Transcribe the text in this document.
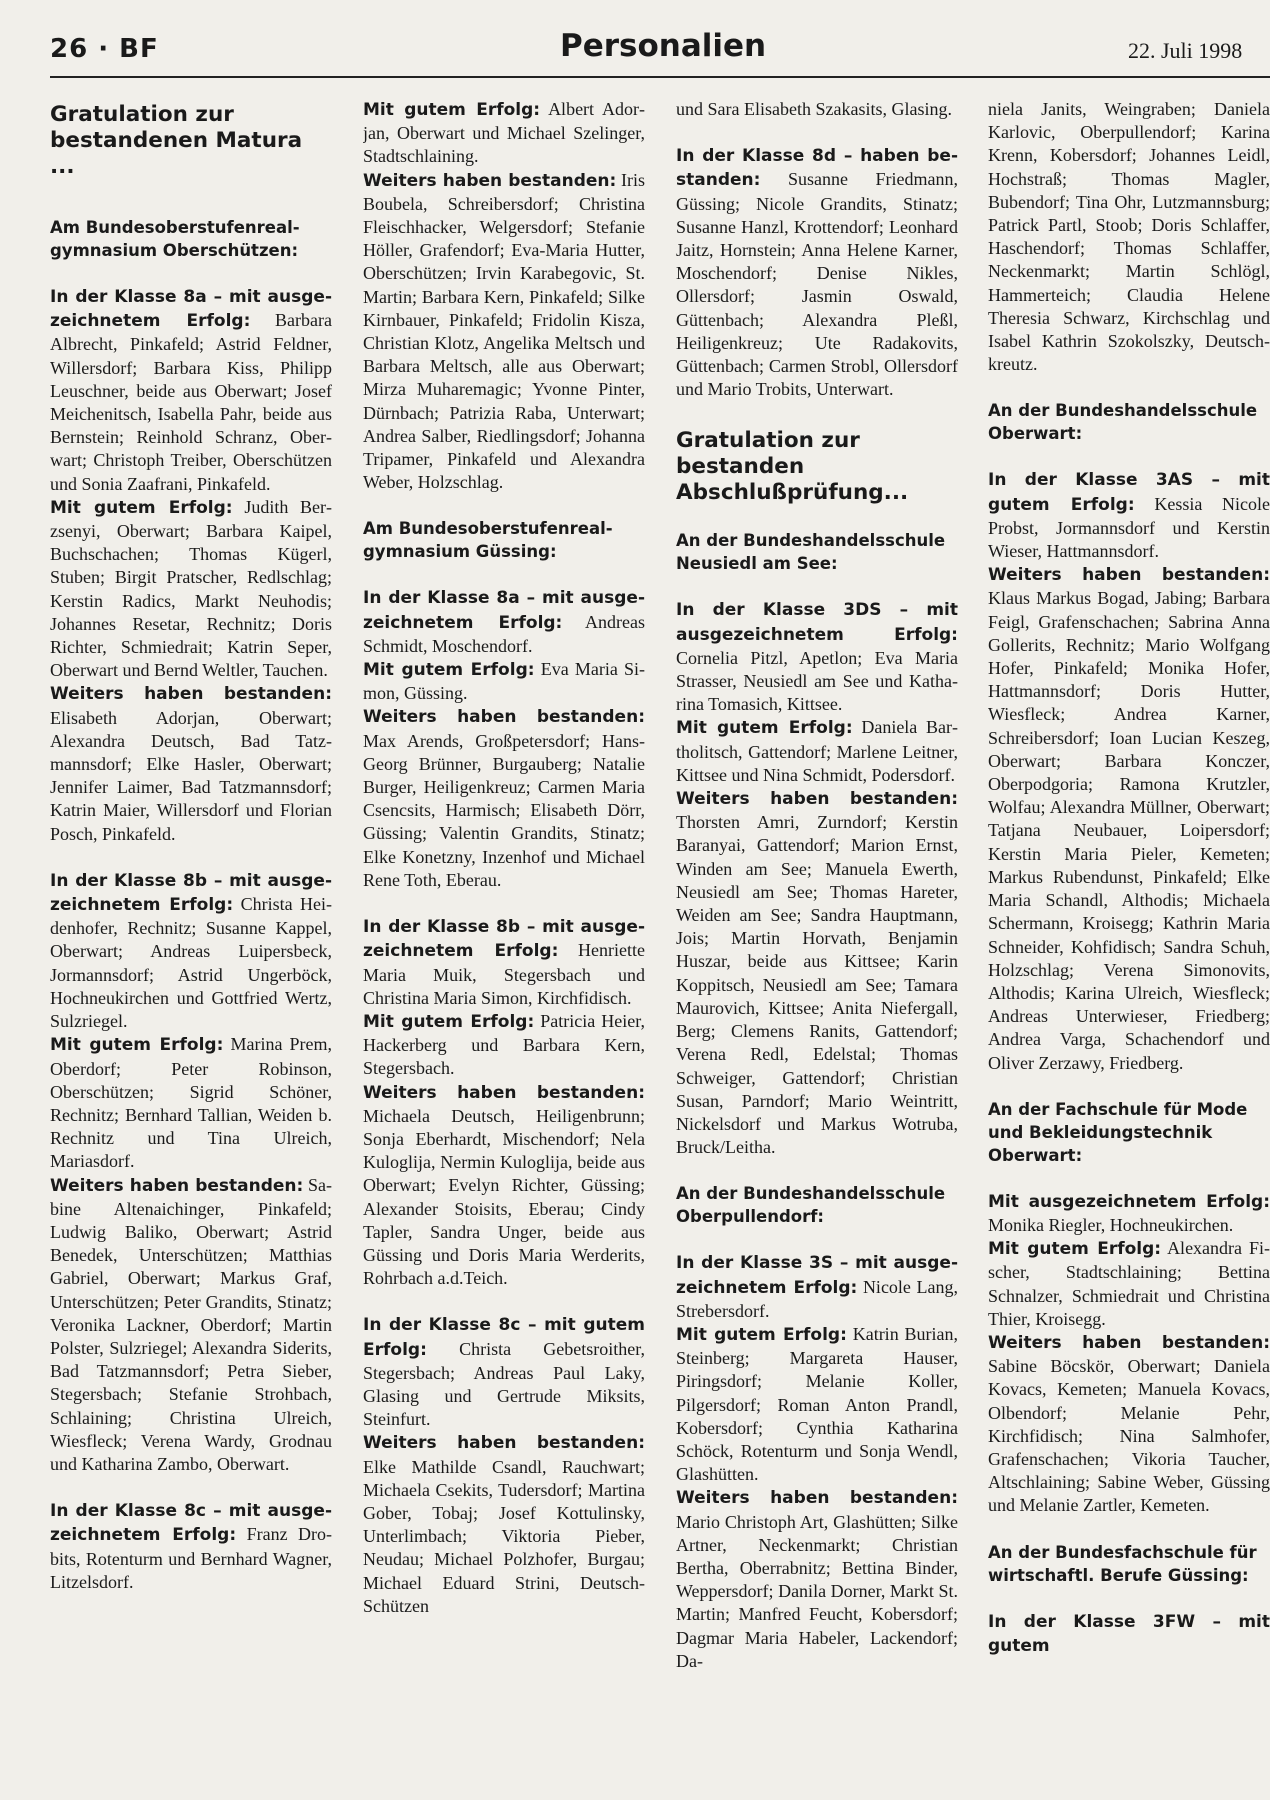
26 · BF	Personalien	22. Juli 1998

Gratulation zur bestandenen Matura ...

Am Bundesoberstufenrealgymnasium Oberschützen:

In der Klasse 8a – mit ausgezeichnetem Erfolg: Barbara Albrecht, Pinkafeld; Astrid Feldner, Willersdorf; Barbara Kiss, Philipp Leuschner, beide aus Oberwart; Josef Meichenitsch, Isabella Pahr, beide aus Bernstein; Reinhold Schranz, Oberwart; Christoph Treiber, Oberschützen und Sonia Zaafrani, Pinkafeld.

Mit gutem Erfolg: Judith Berzsenyi, Oberwart; Barbara Kaipel, Buchschachen; Thomas Kügerl, Stuben; Birgit Pratscher, Redlschlag; Kerstin Radics, Markt Neuhodis; Johannes Resetar, Rechnitz; Doris Richter, Schmiedrait; Katrin Seper, Oberwart und Bernd Weltler, Tauchen.

Weiters haben bestanden: Elisabeth Adorjan, Oberwart; Alexandra Deutsch, Bad Tatzmannsdorf; Elke Hasler, Oberwart; Jennifer Laimer, Bad Tatzmannsdorf; Katrin Maier, Willersdorf und Florian Posch, Pinkafeld.

In der Klasse 8b – mit ausgezeichnetem Erfolg: Christa Heidenhofer, Rechnitz; Susanne Kappel, Oberwart; Andreas Luipersbeck, Jormannsdorf; Astrid Ungerböck, Hochneukirchen und Gottfried Wertz, Sulzriegel.

Mit gutem Erfolg: Marina Prem, Oberdorf; Peter Robinson, Oberschützen; Sigrid Schöner, Rechnitz; Bernhard Tallian, Weiden b. Rechnitz und Tina Ulreich, Mariasdorf.

Weiters haben bestanden: Sabine Altenaichinger, Pinkafeld; Ludwig Baliko, Oberwart; Astrid Benedek, Unterschützen; Matthias Gabriel, Oberwart; Markus Graf, Unterschützen; Peter Grandits, Stinatz; Veronika Lackner, Oberdorf; Martin Polster, Sulzriegel; Alexandra Siderits, Bad Tatzmannsdorf; Petra Sieber, Stegersbach; Stefanie Strohbach, Schlaining; Christina Ulreich, Wiesfleck; Verena Wardy, Grodnau und Katharina Zambo, Oberwart.

In der Klasse 8c – mit ausgezeichnetem Erfolg: Franz Drobits, Rotenturm und Bernhard Wagner, Litzelsdorf.

Mit gutem Erfolg: Albert Adorjan, Oberwart und Michael Szelinger, Stadtschlaining.

Weiters haben bestanden: Iris Boubela, Schreibersdorf; Christina Fleischhacker, Welgersdorf; Stefanie Höller, Grafendorf; Eva-Maria Hutter, Oberschützen; Irvin Karabegovic, St. Martin; Barbara Kern, Pinkafeld; Silke Kirnbauer, Pinkafeld; Fridolin Kisza, Christian Klotz, Angelika Meltsch und Barbara Meltsch, alle aus Oberwart; Mirza Muharemagic; Yvonne Pinter, Dürnbach; Patrizia Raba, Unterwart; Andrea Salber, Riedlingsdorf; Johanna Tripamer, Pinkafeld und Alexandra Weber, Holzschlag.

Am Bundesoberstufenrealgymnasium Güssing:

In der Klasse 8a – mit ausgezeichnetem Erfolg: Andreas Schmidt, Moschendorf.

Mit gutem Erfolg: Eva Maria Simon, Güssing.

Weiters haben bestanden: Max Arends, Großpetersdorf; Hans-Georg Brünner, Burgauberg; Natalie Burger, Heiligenkreuz; Carmen Maria Csencsits, Harmisch; Elisabeth Dörr, Güssing; Valentin Grandits, Stinatz; Elke Konetzny, Inzenhof und Michael Rene Toth, Eberau.

In der Klasse 8b – mit ausgezeichnetem Erfolg: Henriette Maria Muik, Stegersbach und Christina Maria Simon, Kirchfidisch.

Mit gutem Erfolg: Patricia Heier, Hackerberg und Barbara Kern, Stegersbach.

Weiters haben bestanden: Michaela Deutsch, Heiligenbrunn; Sonja Eberhardt, Mischendorf; Nela Kuloglija, Nermin Kuloglija, beide aus Oberwart; Evelyn Richter, Güssing; Alexander Stoisits, Eberau; Cindy Tapler, Sandra Unger, beide aus Güssing und Doris Maria Werderits, Rohrbach a.d.Teich.

In der Klasse 8c – mit gutem Erfolg: Christa Gebetsroither, Stegersbach; Andreas Paul Laky, Glasing und Gertrude Miksits, Steinfurt.

Weiters haben bestanden: Elke Mathilde Csandl, Rauchwart; Michaela Csekits, Tudersdorf; Martina Gober, Tobaj; Josef Kottulinsky, Unterlimbach; Viktoria Pieber, Neudau; Michael Polzhofer, Burgau; Michael Eduard Strini, Deutsch-Schützen

und Sara Elisabeth Szakasits, Glasing.

In der Klasse 8d – haben bestanden: Susanne Friedmann, Güssing; Nicole Grandits, Stinatz; Susanne Hanzl, Krottendorf; Leonhard Jaitz, Hornstein; Anna Helene Karner, Moschendorf; Denise Nikles, Ollersdorf; Jasmin Oswald, Güttenbach; Alexandra Pleßl, Heiligenkreuz; Ute Radakovits, Güttenbach; Carmen Strobl, Ollersdorf und Mario Trobits, Unterwart.

Gratulation zur bestanden Abschlußprüfung...

An der Bundeshandelsschule Neusiedl am See:

In der Klasse 3DS – mit ausgezeichnetem Erfolg: Cornelia Pitzl, Apetlon; Eva Maria Strasser, Neusiedl am See und Katharina Tomasich, Kittsee.

Mit gutem Erfolg: Daniela Bartholitsch, Gattendorf; Marlene Leitner, Kittsee und Nina Schmidt, Podersdorf.

Weiters haben bestanden: Thorsten Amri, Zurndorf; Kerstin Baranyai, Gattendorf; Marion Ernst, Winden am See; Manuela Ewerth, Neusiedl am See; Thomas Hareter, Weiden am See; Sandra Hauptmann, Jois; Martin Horvath, Benjamin Huszar, beide aus Kittsee; Karin Koppitsch, Neusiedl am See; Tamara Maurovich, Kittsee; Anita Niefergall, Berg; Clemens Ranits, Gattendorf; Verena Redl, Edelstal; Thomas Schweiger, Gattendorf; Christian Susan, Parndorf; Mario Weintritt, Nickelsdorf und Markus Wotruba, Bruck/Leitha.

An der Bundeshandelsschule Oberpullendorf:

In der Klasse 3S – mit ausgezeichnetem Erfolg: Nicole Lang, Strebersdorf.

Mit gutem Erfolg: Katrin Burian, Steinberg; Margareta Hauser, Piringsdorf; Melanie Koller, Pilgersdorf; Roman Anton Prandl, Kobersdorf; Cynthia Katharina Schöck, Rotenturm und Sonja Wendl, Glashütten.

Weiters haben bestanden: Mario Christoph Art, Glashütten; Silke Artner, Neckenmarkt; Christian Bertha, Oberrabnitz; Bettina Binder, Weppersdorf; Danila Dorner, Markt St. Martin; Manfred Feucht, Kobersdorf; Dagmar Maria Habeler, Lackendorf; Da-

niela Janits, Weingraben; Daniela Karlovic, Oberpullendorf; Karina Krenn, Kobersdorf; Johannes Leidl, Hochstraß; Thomas Magler, Bubendorf; Tina Ohr, Lutzmannsburg; Patrick Partl, Stoob; Doris Schlaffer, Haschendorf; Thomas Schlaffer, Neckenmarkt; Martin Schlögl, Hammerteich; Claudia Helene Theresia Schwarz, Kirchschlag und Isabel Kathrin Szokolszky, Deutschkreutz.

An der Bundeshandelsschule Oberwart:

In der Klasse 3AS – mit gutem Erfolg: Kessia Nicole Probst, Jormannsdorf und Kerstin Wieser, Hattmannsdorf.

Weiters haben bestanden: Klaus Markus Bogad, Jabing; Barbara Feigl, Grafenschachen; Sabrina Anna Gollerits, Rechnitz; Mario Wolfgang Hofer, Pinkafeld; Monika Hofer, Hattmannsdorf; Doris Hutter, Wiesfleck; Andrea Karner, Schreibersdorf; Ioan Lucian Keszeg, Oberwart; Barbara Konczer, Oberpodgoria; Ramona Krutzler, Wolfau; Alexandra Müllner, Oberwart; Tatjana Neubauer, Loipersdorf; Kerstin Maria Pieler, Kemeten; Markus Rubendunst, Pinkafeld; Elke Maria Schandl, Althodis; Michaela Schermann, Kroisegg; Kathrin Maria Schneider, Kohfidisch; Sandra Schuh, Holzschlag; Verena Simonovits, Althodis; Karina Ulreich, Wiesfleck; Andreas Unterwieser, Friedberg; Andrea Varga, Schachendorf und Oliver Zerzawy, Friedberg.

An der Fachschule für Mode und Bekleidungstechnik Oberwart:

Mit ausgezeichnetem Erfolg: Monika Riegler, Hochneukirchen.

Mit gutem Erfolg: Alexandra Fischer, Stadtschlaining; Bettina Schnalzer, Schmiedrait und Christina Thier, Kroisegg.

Weiters haben bestanden: Sabine Böcskör, Oberwart; Daniela Kovacs, Kemeten; Manuela Kovacs, Olbendorf; Melanie Pehr, Kirchfidisch; Nina Salmhofer, Grafenschachen; Vikoria Taucher, Altschlaining; Sabine Weber, Güssing und Melanie Zartler, Kemeten.

An der Bundesfachschule für wirtschaftl. Berufe Güssing:

In der Klasse 3FW – mit gutem
